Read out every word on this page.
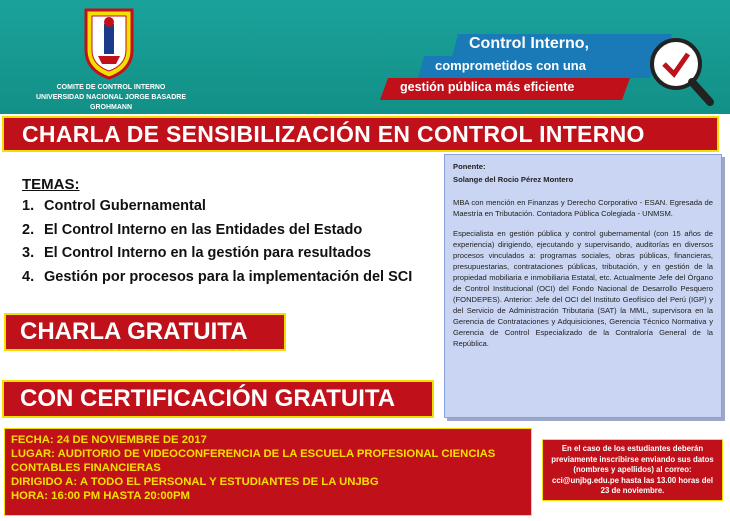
COMITE DE CONTROL INTERNO
UNIVERSIDAD NACIONAL JORGE BASADRE GROHMANN
Control Interno,
comprometidos con una
gestión pública más eficiente
CHARLA DE SENSIBILIZACIÓN EN CONTROL INTERNO
TEMAS:
1. Control Gubernamental
2. El Control Interno en las Entidades del Estado
3. El Control Interno en la gestión para resultados
4. Gestión por procesos para la implementación del SCI

Ponente:

Solange del Rocio Pérez Montero

MBA con mención en Finanzas y Derecho Corporativo - ESAN. Egresada de Maestría en Tributación. Contadora Pública Colegiada - UNMSM.

Especialista en gestión pública y control gubernamental (con 15 años de experiencia) dirigiendo, ejecutando y supervisando, auditorías en diversos procesos vinculados a: programas sociales, obras públicas, financieras, presupuestarias, contrataciones públicas, tributación, y en gestión de la propiedad mobiliaria e inmobiliaria Estatal, etc. Actualmente Jefe del Órgano de Control Institucional (OCI) del Fondo Nacional de Desarrollo Pesquero (FONDEPES). Anterior: Jefe del OCI del Instituto Geofísico del Perú (IGP) y del Servicio de Administración Tributaria (SAT) la MML, supervisora en la Gerencia de Contrataciones y Adquisiciones, Gerencia Técnico Normativa y Gerencia de Control Especializado de la Contraloría General de la República.

CHARLA GRATUITA
CON CERTIFICACIÓN GRATUITA
FECHA: 24 DE NOVIEMBRE DE 2017
LUGAR: AUDITORIO DE VIDEOCONFERENCIA DE LA ESCUELA PROFESIONAL CIENCIAS
CONTABLES FINANCIERAS
DIRIGIDO A: A TODO EL PERSONAL Y ESTUDIANTES DE LA UNJBG
HORA: 16:00 PM HASTA 20:00PM
En el caso de los estudiantes deberán previamente inscribirse enviando sus datos (nombres y apellidos) al correo:
cci@unjbg.edu.pe hasta las 13.00 horas del 23 de noviembre.
